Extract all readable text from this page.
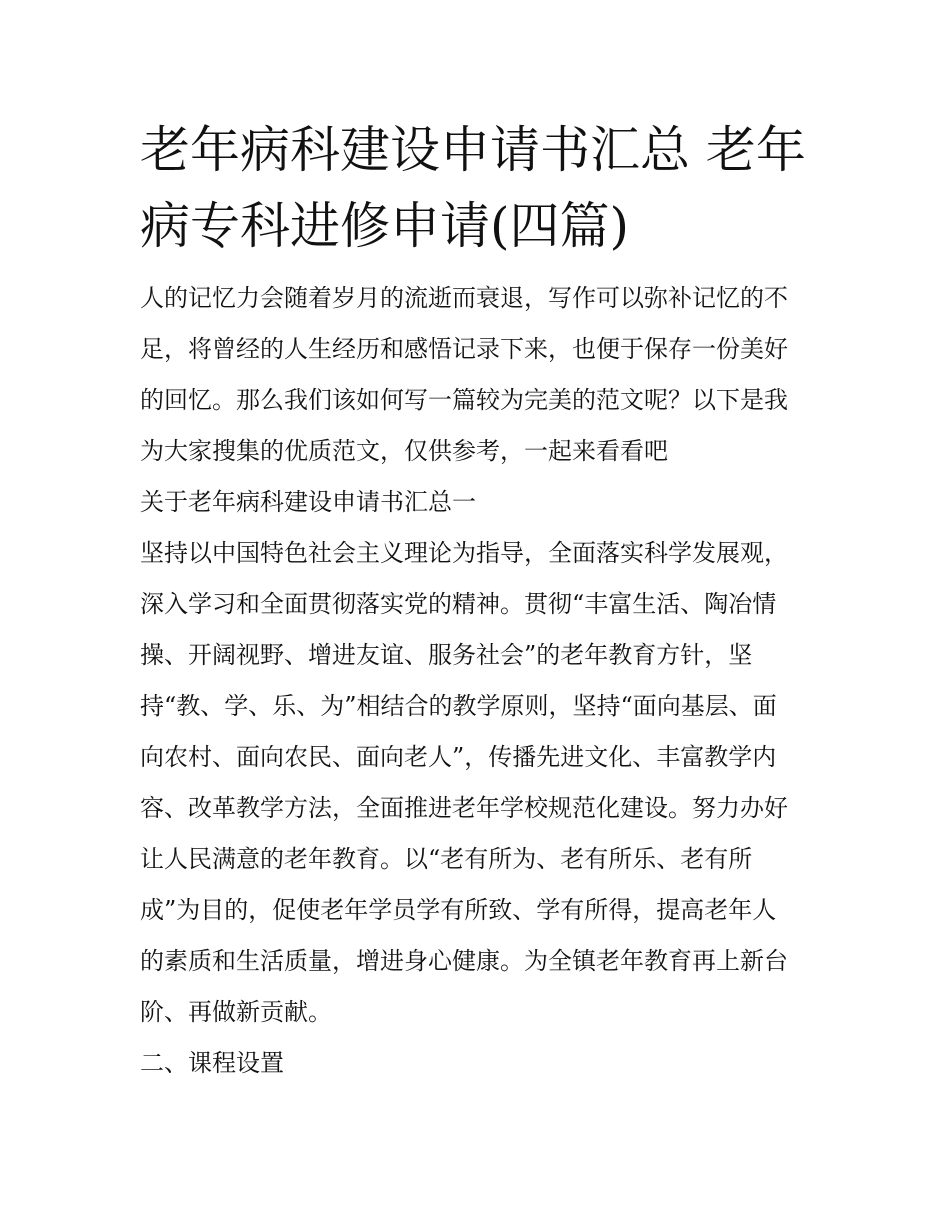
老年病科建设申请书汇总 老年
病专科进修申请(四篇)
人的记忆力会随着岁月的流逝而衰退，写作可以弥补记忆的不
足，将曾经的人生经历和感悟记录下来，也便于保存一份美好
的回忆。那么我们该如何写一篇较为完美的范文呢？以下是我
为大家搜集的优质范文，仅供参考，一起来看看吧
关于老年病科建设申请书汇总一
坚持以中国特色社会主义理论为指导，全面落实科学发展观，
深入学习和全面贯彻落实党的精神。贯彻“丰富生活、陶冶情
操、开阔视野、增进友谊、服务社会”的老年教育方针，坚
持“教、学、乐、为”相结合的教学原则，坚持“面向基层、面
向农村、面向农民、面向老人”，传播先进文化、丰富教学内
容、改革教学方法，全面推进老年学校规范化建设。努力办好
让人民满意的老年教育。以“老有所为、老有所乐、老有所
成”为目的，促使老年学员学有所致、学有所得，提高老年人
的素质和生活质量，增进身心健康。为全镇老年教育再上新台
阶、再做新贡献。
二、课程设置
